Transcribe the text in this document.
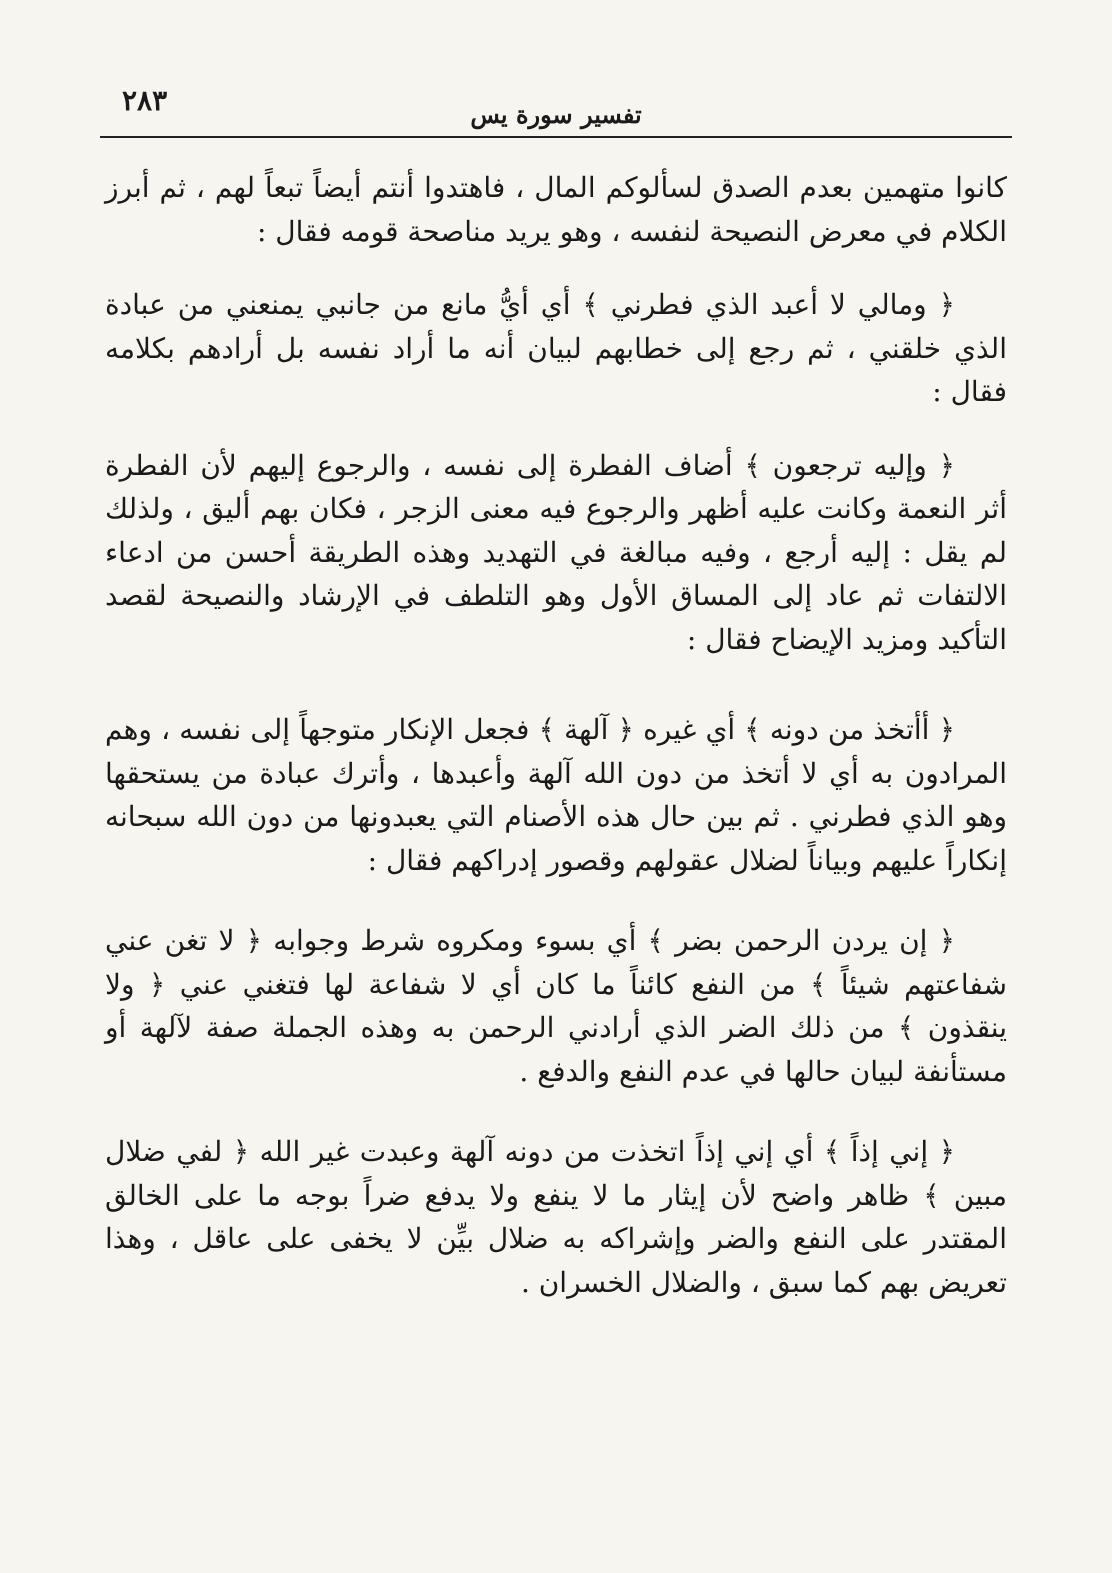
٢٨٣	تفسير سورة يس

كانوا متهمين بعدم الصدق لسألوكم المال ، فاهتدوا أنتم أيضاً تبعاً لهم ، ثم أبرز الكلام في معرض النصيحة لنفسه ، وهو يريد مناصحة قومه فقال :

﴿ ومالي لا أعبد الذي فطرني ﴾ أي أيُّ مانع من جانبي يمنعني من عبادة الذي خلقني ، ثم رجع إلى خطابهم لبيان أنه ما أراد نفسه بل أرادهم بكلامه فقال :

﴿ وإليه ترجعون ﴾ أضاف الفطرة إلى نفسه ، والرجوع إليهم لأن الفطرة أثر النعمة وكانت عليه أظهر والرجوع فيه معنى الزجر ، فكان بهم أليق ، ولذلك لم يقل : إليه أرجع ، وفيه مبالغة في التهديد وهذه الطريقة أحسن من ادعاء الالتفات ثم عاد إلى المساق الأول وهو التلطف في الإرشاد والنصيحة لقصد التأكيد ومزيد الإيضاح فقال :

﴿ أأتخذ من دونه ﴾ أي غيره ﴿ آلهة ﴾ فجعل الإنكار متوجهاً إلى نفسه ، وهم المرادون به أي لا أتخذ من دون الله آلهة وأعبدها ، وأترك عبادة من يستحقها وهو الذي فطرني . ثم بين حال هذه الأصنام التي يعبدونها من دون الله سبحانه إنكاراً عليهم وبياناً لضلال عقولهم وقصور إدراكهم فقال :

﴿ إن يردن الرحمن بضر ﴾ أي بسوء ومكروه شرط وجوابه ﴿ لا تغن عني شفاعتهم شيئاً ﴾ من النفع كائناً ما كان أي لا شفاعة لها فتغني عني ﴿ ولا ينقذون ﴾ من ذلك الضر الذي أرادني الرحمن به وهذه الجملة صفة لآلهة أو مستأنفة لبيان حالها في عدم النفع والدفع .

﴿ إني إذاً ﴾ أي إني إذاً اتخذت من دونه آلهة وعبدت غير الله ﴿ لفي ضلال مبين ﴾ ظاهر واضح لأن إيثار ما لا ينفع ولا يدفع ضراً بوجه ما على الخالق المقتدر على النفع والضر وإشراكه به ضلال بيِّن لا يخفى على عاقل ، وهذا تعريض بهم كما سبق ، والضلال الخسران .
